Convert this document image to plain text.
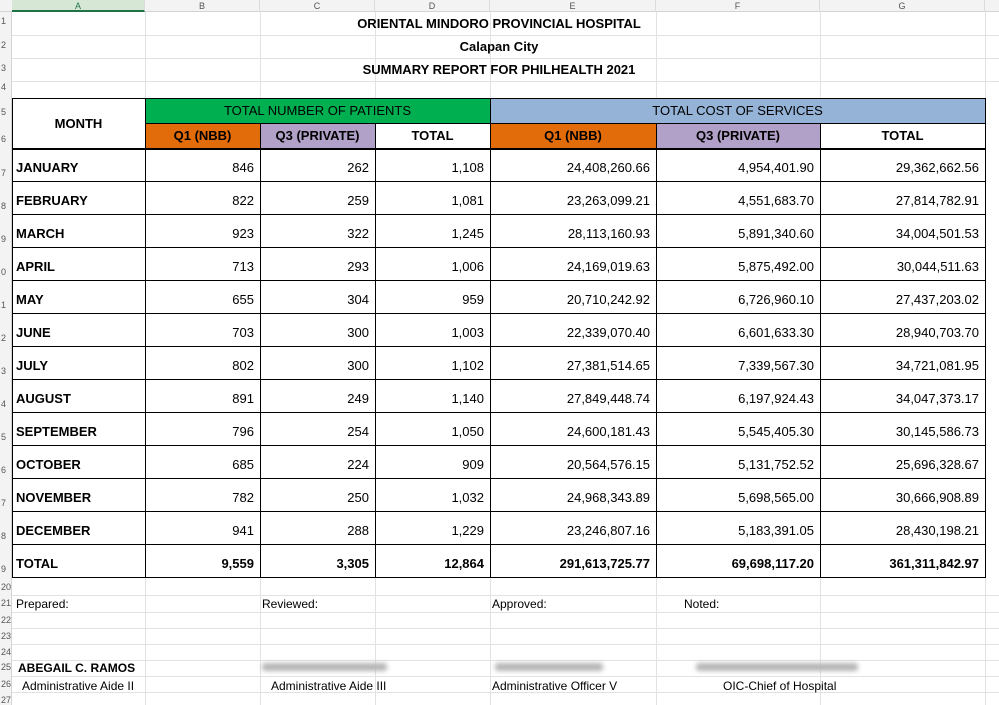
A	B	C	D	E	F	G
1
2
3
4
5
6
7
8
9
0
1
2
3
4
5
6
7
8
9
20
21
22
23
24
25
26
27
ORIENTAL MINDORO PROVINCIAL HOSPITAL
Calapan City
SUMMARY REPORT FOR PHILHEALTH 2021
MONTH
TOTAL NUMBER OF PATIENTS	TOTAL COST OF SERVICES
Q1 (NBB)	Q3 (PRIVATE)	TOTAL	Q1 (NBB)	Q3 (PRIVATE)	TOTAL
JANUARY	846	262	1,108	24,408,260.66	4,954,401.90	29,362,662.56
FEBRUARY	822	259	1,081	23,263,099.21	4,551,683.70	27,814,782.91
MARCH	923	322	1,245	28,113,160.93	5,891,340.60	34,004,501.53
APRIL	713	293	1,006	24,169,019.63	5,875,492.00	30,044,511.63
MAY	655	304	959	20,710,242.92	6,726,960.10	27,437,203.02
JUNE	703	300	1,003	22,339,070.40	6,601,633.30	28,940,703.70
JULY	802	300	1,102	27,381,514.65	7,339,567.30	34,721,081.95
AUGUST	891	249	1,140	27,849,448.74	6,197,924.43	34,047,373.17
SEPTEMBER	796	254	1,050	24,600,181.43	5,545,405.30	30,145,586.73
OCTOBER	685	224	909	20,564,576.15	5,131,752.52	25,696,328.67
NOVEMBER	782	250	1,032	24,968,343.89	5,698,565.00	30,666,908.89
DECEMBER	941	288	1,229	23,246,807.16	5,183,391.05	28,430,198.21
TOTAL	9,559	3,305	12,864	291,613,725.77	69,698,117.20	361,311,842.97
Prepared:	Reviewed:	Approved:	Noted:
ABEGAIL C. RAMOS
Administrative Aide II	Administrative Aide III	Administrative Officer V	OIC-Chief of Hospital
